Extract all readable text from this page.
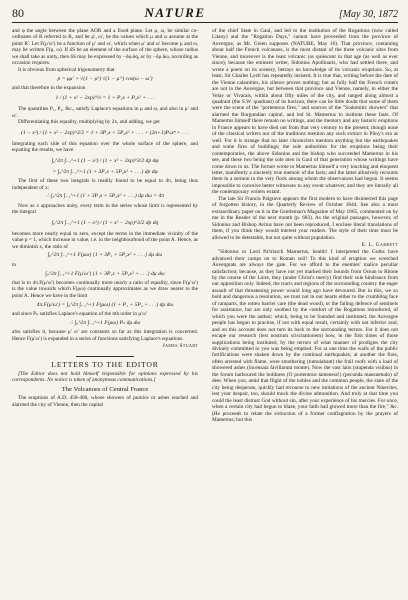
80	NATURE	[May 30, 1872

and φ the angle between the plane AOR and a fixed plane. Let μ, ω, be similar co-ordinates of R referred to R₁ and let μ′, ω′, be the values which μ and ω assume at the point R′. Let F(μ′ω′) be a function of μ′ and ω′, which when μ′ and ω′ become μ and ω, may be written F(μ, ω). If δS be an element of the surface of the sphere, whose radius we shall take as unity, then δS may be expressed by −δφ.δq, or by −δμ.δω, according as occasion requires.

It is obvious from spherical trigonometry that

p = μμ′ + √(1 − μ²) √(1 − μ′²) cos(ω − ω′)

and that therefore in the expansion

1 / (1 + x² − 2xp)^½ = 1 + P₁x + P₂x² + . . .

The quantities P₁, P₂, &c., satisfy Laplace's equations in μ and ω, and also in μ′ and ω′.

Differentiating this equality, multiplying by 2x, and adding, we get

(1 − x²) / (1 + x² − 2xp)^3/2 = 1 + 3P₁x + 5P₂x² + . . . + (2n+1)Pₙxⁿ + . . .

Integrating each side of this equation over the whole surface of the sphere, and equating the results, we have

∫₀^2π ∫₋₁^+1 (1 − x²) / (1 + x² − 2xp)^3/2 dp dφ
= ∫₀^2π ∫₋₁^+1 (1 + 3P₁x + 5P₂x² + . . .) dp dφ

The first of these two integrals is readily found to be equal to 4π, being thus independent of x:

∴ ∫₀^2π ∫₋₁^+1 (1 + 3P₁x + 5P₂x² + . . .) dμ dω = 4π

Now as x approaches unity, every term in the series whose limit is represented by the integral

∫₀^2π ∫₋₁^+1 (1 − x²) / (1 + x² − 2xp)^3/2 dp dq

becomes more nearly equal to zero, except the terms in the immediate vicinity of the value p = 1, which increase in value, i.e. in the neighbourhood of the point A. Hence, as we diminish x, the ratio of

∫₀^2π ∫₋₁^+1 F(μω) {1 + 3P₁ + 5P₂x² + . . .} dμ dω

to

∫₀^2π ∫₋₁^+1 F(μ′ω′) {1 + 3P₁x + 5P₂x² + . . .} dμ dω

that is to 4π.F(μ′ω′) becomes continually more nearly a ratio of equality, since F(μ′ω′) is the value towards which F(μω) continually approximates as we draw nearer to the point A. Hence we have in the limit

4π.F(μ′ω′) = ∫₀^2π ∫₋₁^+1 F(μω) (1 + P₁ + 5P₂ + . . .) dμ dω

and since Pₙ satisfies Laplace's equation of the nth order in μ′ω′

∴ ∫₀^2π ∫₋₁^+1 F(μω) Pₙ dμ dω

also satisfies it, because μ′ ω′ are constants so far as this integration is concerned. Hence F(μ′ω′) is expanded in a series of functions satisfying Laplace's equations.

James Stuart
LETTERS TO THE EDITOR

[The Editor does not hold himself responsible for opinions expressed by his correspondents. No notice is taken of anonymous communications.]

The Volcanoes of Central France

The eruptions of A.D. 458-460, whose showers of pumice or ashes reached and alarmed the city of Vienne, then the capital

of the chief State in Gaul, and led to the institution of the Rogations (now called Litany) and the "Rogation Days," cannot have proceeded from the province of Auvergne, as Mr. Green supposes (NATURE, May 16). That province, containing about half the French volcanoes, is the most distant of the three volcanic sites from Vienne, and moreover is the least volcanic (as quiescent in that age (as well as ever since); because the eminent writer, Sidonius Apollinaris, who had settled there, and wrote a poem on its scenery, betrays no knowledge of its volcanic eruptions. So, at least, Sir Charles Lyell has repeatedly insisted. It is true that, writing before the date of the Vienne calamities, his silence proves nothing; but as fully half the French craters are not in the Auvergne, but between that province and Vienne, namely, in either the Velay or Vivarais, within about fifty miles of the city, and ranged along almost a quadrant (the S.W. quadrant) of its horizon, there can be little doubt that some of them were the scene of the "portentous fires," and sources of the "Sodomitic showers" that alarmed the Burgundian capital, and led St. Mamertus to institute these fasts. Of Mamertus himself there remain no writings, and the memory and any historic eruptions in France appears to have died out from that very century to the present; though none of the classical writers nor of the traditions mention any such extinct in Pliny's era as well. For it is strange that no later chroniclers mention anything but the earthquakes and some fires of buildings; the sole authorities for the eruptions being their contemporaries, the above Sidonius and the bishop who succeeded Mamertus in his see, and these two being the sole men in Gaul of that generation whose writings have come down to us. The former wrote to Mamertus himself a very touching and eloquent letter, manifestly a sincerely true memoir of the facts; and the latter allusively recounts them in a sermon to the very flock among whom the observances had begun. It seems impossible to conceive better witnesses to any event whatever, and they are literally all the contemporary writers extant.

The late Sir Francis Palgrave appears the first modern to have disinterred this page of forgotten history, in the Quarterly Review of October 1844. See also a most extraordinary paper on it in the Gentleman's Magazine of May 1865, commented on by me in the Reader of the next month (p. 683). As the original passages, however, of Sidonius and Bishop Avitus have not been reproduced, I enclose literal translations of them, if you think they would interest your readers. The style of their time must be allowed to be detestable, but not quite without population.

E. L. Garbett

"Sidonius to Lord Pa'triarch Mamertus, health! I interpreted the Goths have advanced their camps on to Roman soil! To this kind of eruption we wretched Auvergnats are always the gate. For we afford to the enemies' malice peculiar satisfaction; because, as they have not yet marked their bounds from Ocean to Rhone by the course of the Loire, they (under Christ's mercy) find their sole hindrance from our opposition only. Indeed, the tracts and regions of the surrounding country the eager assault of that threatening power would long ago have devoured. But in this, we so bold and dangerous a resolution, we trust not in our hearts either to the crumbling face of ramparts, the rotten barrier care (the dead wood), or the failing defence of sentinels for assistance, but are only soothed by the comfort of the Rogations introduced, of which you were the author; which, being to be founded and instituted, the Auvergne people has begun to practise, if not with equal result, certainly with not inferior zeal, and on this account does not turn its back to the surrounding terrors. For it does not escape our research (lest nostrum sciscitationem) how, in the first times of those supplications being instituted, by the terrors of what manner of prodigies the city divinely committed to you was being emptied. For at one time the walls of the public fortifications were shaken down by the continual earthquakes; at another the fires, often arrested with flame, were smothering (tumulabant) the frail roofs with a load of showered ashes (incensata favillarum monte). Now the vast lairs (stupenda visibus) in the forum harboured the boldness (O portentous tameness!) (pecunda mansuetudo) of deer. When you, amid that flight of the nobles and the common people, the state of the city being desperate, quickly had recourse to new imitations of the ancient Ninevites, lest your despair, too, should mock the divine admonition. And truly at that time you could the least distrust God without sin, after your experience of his mercies. For once, when a certain city had begun to blaze, your faith had glowed more than the fire," &c. (He proceeds to relate the extinction of a former conflagration by the prayers of Mamertus; but this
